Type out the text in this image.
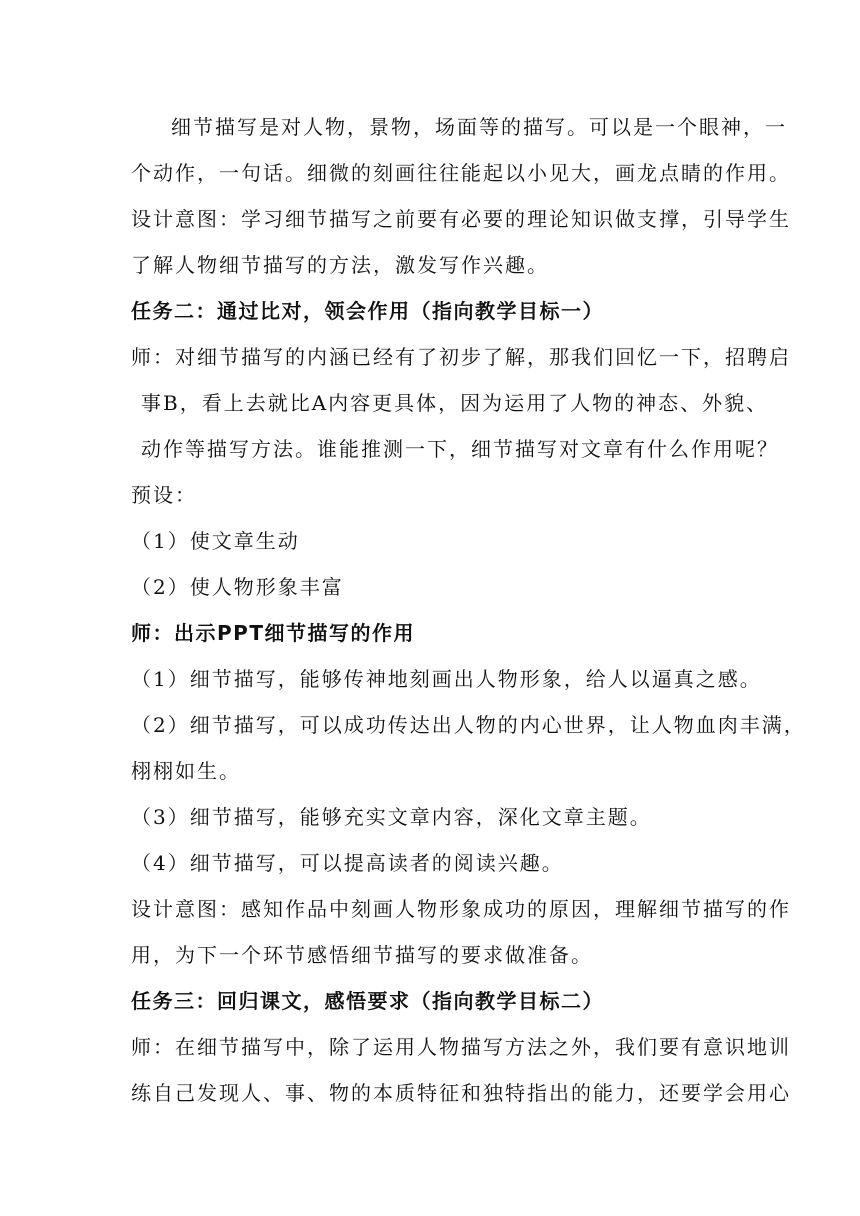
细节描写是对人物，景物，场面等的描写。可以是一个眼神，一
个动作，一句话。细微的刻画往往能起以小见大，画龙点睛的作用。
设计意图：学习细节描写之前要有必要的理论知识做支撑，引导学生
了解人物细节描写的方法，激发写作兴趣。
任务二：通过比对，领会作用（指向教学目标一）
师：对细节描写的内涵已经有了初步了解，那我们回忆一下，招聘启
事B，看上去就比A内容更具体，因为运用了人物的神态、外貌、
动作等描写方法。谁能推测一下，细节描写对文章有什么作用呢？
预设：
（1）使文章生动
（2）使人物形象丰富
师：出示PPT细节描写的作用
（1）细节描写，能够传神地刻画出人物形象，给人以逼真之感。
（2）细节描写，可以成功传达出人物的内心世界，让人物血肉丰满，
栩栩如生。
（3）细节描写，能够充实文章内容，深化文章主题。
（4）细节描写，可以提高读者的阅读兴趣。
设计意图：感知作品中刻画人物形象成功的原因，理解细节描写的作
用，为下一个环节感悟细节描写的要求做准备。
任务三：回归课文，感悟要求（指向教学目标二）
师：在细节描写中，除了运用人物描写方法之外，我们要有意识地训
练自己发现人、事、物的本质特征和独特指出的能力，还要学会用心
